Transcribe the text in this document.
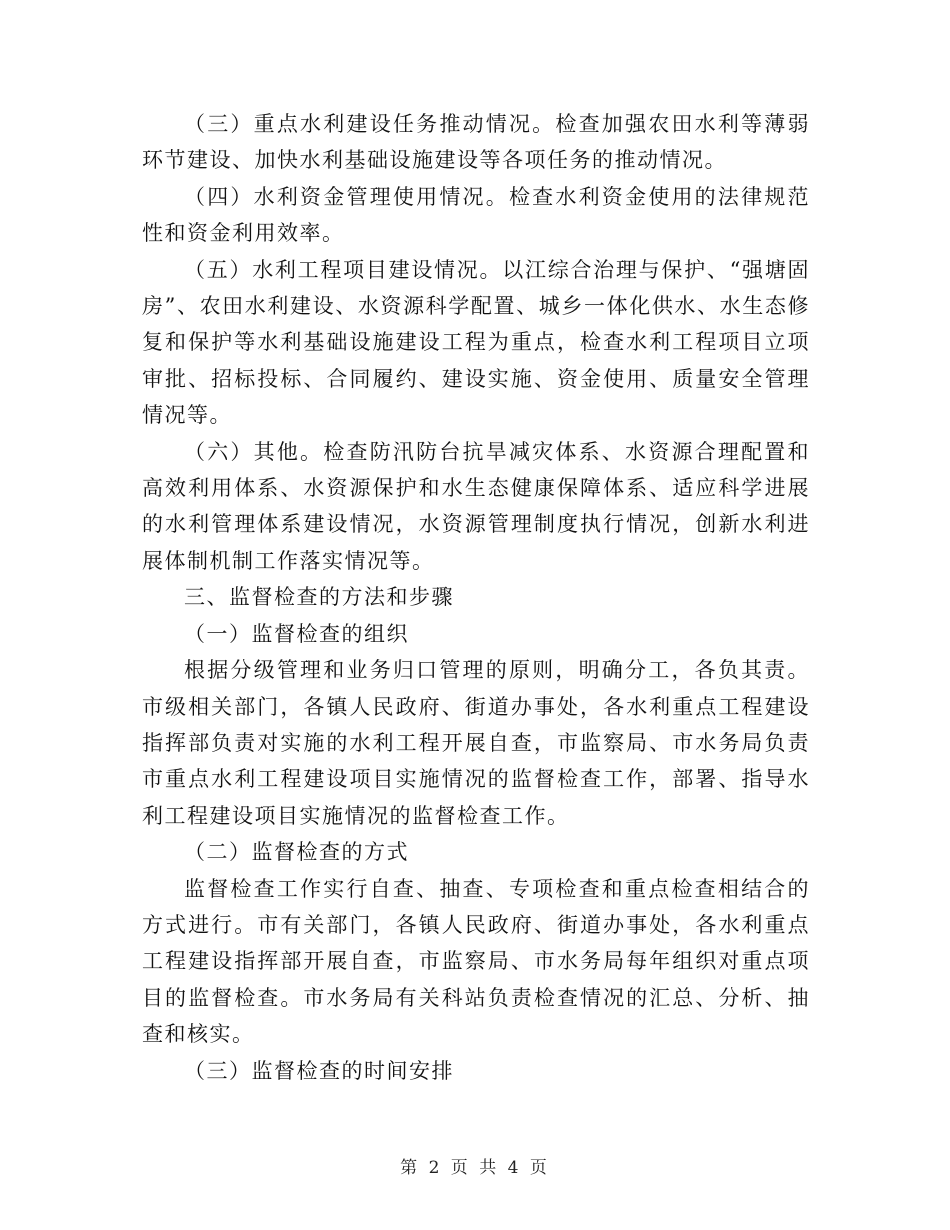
（三）重点水利建设任务推动情况。检查加强农田水利等薄弱环节建设、加快水利基础设施建设等各项任务的推动情况。

（四）水利资金管理使用情况。检查水利资金使用的法律规范性和资金利用效率。

（五）水利工程项目建设情况。以江综合治理与保护、“强塘固房”、农田水利建设、水资源科学配置、城乡一体化供水、水生态修复和保护等水利基础设施建设工程为重点，检查水利工程项目立项审批、招标投标、合同履约、建设实施、资金使用、质量安全管理情况等。

（六）其他。检查防汛防台抗旱减灾体系、水资源合理配置和高效利用体系、水资源保护和水生态健康保障体系、适应科学进展的水利管理体系建设情况，水资源管理制度执行情况，创新水利进展体制机制工作落实情况等。

三、监督检查的方法和步骤

（一）监督检查的组织

根据分级管理和业务归口管理的原则，明确分工，各负其责。市级相关部门，各镇人民政府、街道办事处，各水利重点工程建设指挥部负责对实施的水利工程开展自查，市监察局、市水务局负责市重点水利工程建设项目实施情况的监督检查工作，部署、指导水利工程建设项目实施情况的监督检查工作。

（二）监督检查的方式

监督检查工作实行自查、抽查、专项检查和重点检查相结合的方式进行。市有关部门，各镇人民政府、街道办事处，各水利重点工程建设指挥部开展自查，市监察局、市水务局每年组织对重点项目的监督检查。市水务局有关科站负责检查情况的汇总、分析、抽查和核实。

（三）监督检查的时间安排

第 2 页 共 4 页
